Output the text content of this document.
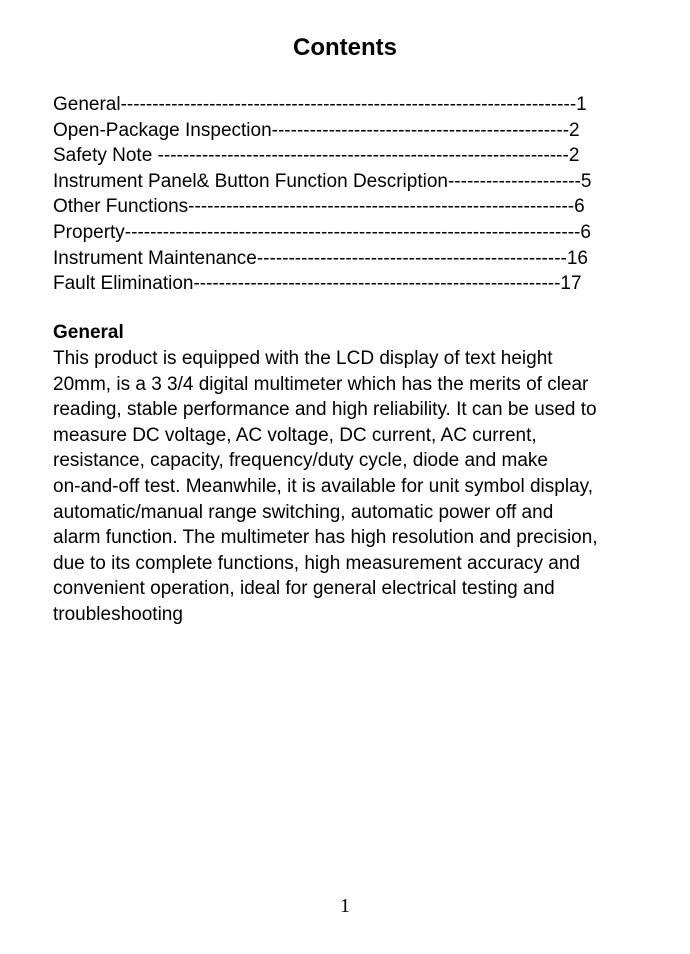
Contents
General------------------------------------------------------------------------1
Open-Package Inspection-----------------------------------------------2
Safety Note -----------------------------------------------------------------2
Instrument Panel& Button Function Description---------------------5
Other Functions-------------------------------------------------------------6
Property------------------------------------------------------------------------6
Instrument Maintenance-------------------------------------------------16
Fault Elimination----------------------------------------------------------17
General
This product is equipped with the LCD display of text height
20mm, is a 3 3/4 digital multimeter which has the merits of clear
reading, stable performance and high reliability. It can be used to
measure DC voltage, AC voltage, DC current, AC current,
resistance, capacity, frequency/duty cycle, diode and make
on-and-off test. Meanwhile, it is available for unit symbol display,
automatic/manual range switching, automatic power off and
alarm function. The multimeter has high resolution and precision,
due to its complete functions, high measurement accuracy and
convenient operation, ideal for general electrical testing and
troubleshooting
1
